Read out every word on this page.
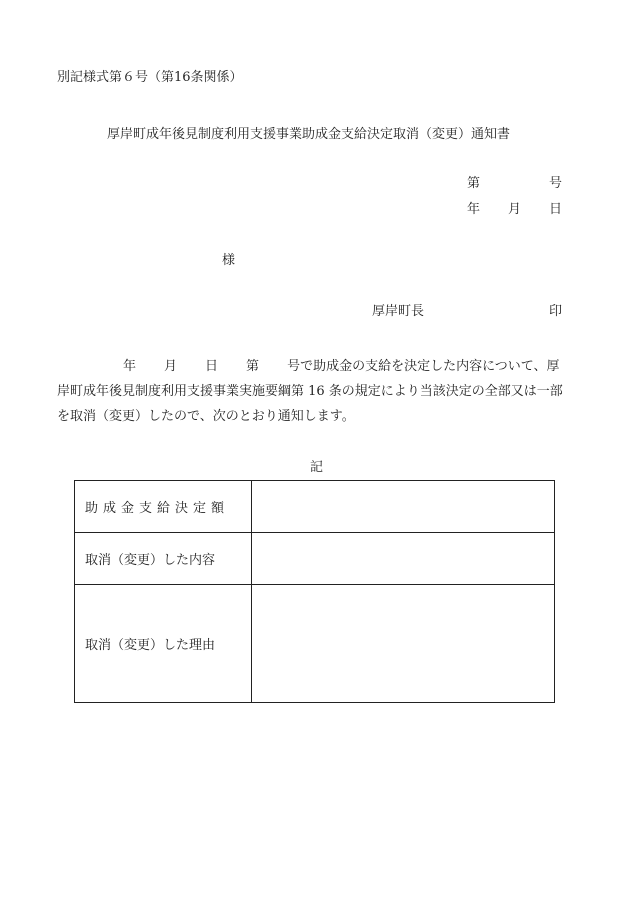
別記様式第６号（第16条関係）
厚岸町成年後見制度利用支援事業助成金支給決定取消（変更）通知書
第	号
年 月 日
様
厚岸町長	印
年 月 日 第 号で助成金の支給を決定した内容について、厚
岸町成年後見制度利用支援事業実施要綱第 16 条の規定により当該決定の全部又は一部
を取消（変更）したので、次のとおり通知します。
記
助成金支給決定額	
取消（変更）した内容	
取消（変更）した理由	
